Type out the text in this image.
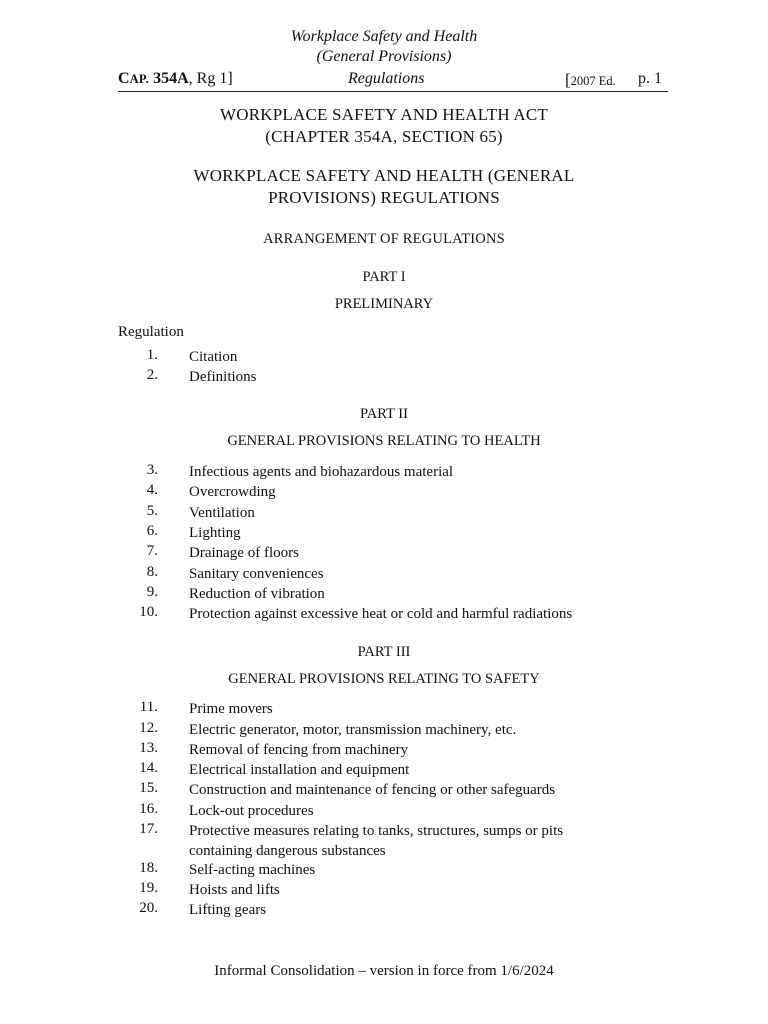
Workplace Safety and Health
(General Provisions)
CAP. 354A, Rg 1]	Regulations	[2007 Ed. p. 1
WORKPLACE SAFETY AND HEALTH ACT
(CHAPTER 354A, SECTION 65)
WORKPLACE SAFETY AND HEALTH (GENERAL
PROVISIONS) REGULATIONS
ARRANGEMENT OF REGULATIONS
PART I
PRELIMINARY
Regulation
1. Citation
2. Definitions
PART II
GENERAL PROVISIONS RELATING TO HEALTH
3. Infectious agents and biohazardous material
4. Overcrowding
5. Ventilation
6. Lighting
7. Drainage of floors
8. Sanitary conveniences
9. Reduction of vibration
10. Protection against excessive heat or cold and harmful radiations
PART III
GENERAL PROVISIONS RELATING TO SAFETY
11. Prime movers
12. Electric generator, motor, transmission machinery, etc.
13. Removal of fencing from machinery
14. Electrical installation and equipment
15. Construction and maintenance of fencing or other safeguards
16. Lock-out procedures
17. Protective measures relating to tanks, structures, sumps or pits containing dangerous substances
18. Self-acting machines
19. Hoists and lifts
20. Lifting gears
Informal Consolidation – version in force from 1/6/2024
